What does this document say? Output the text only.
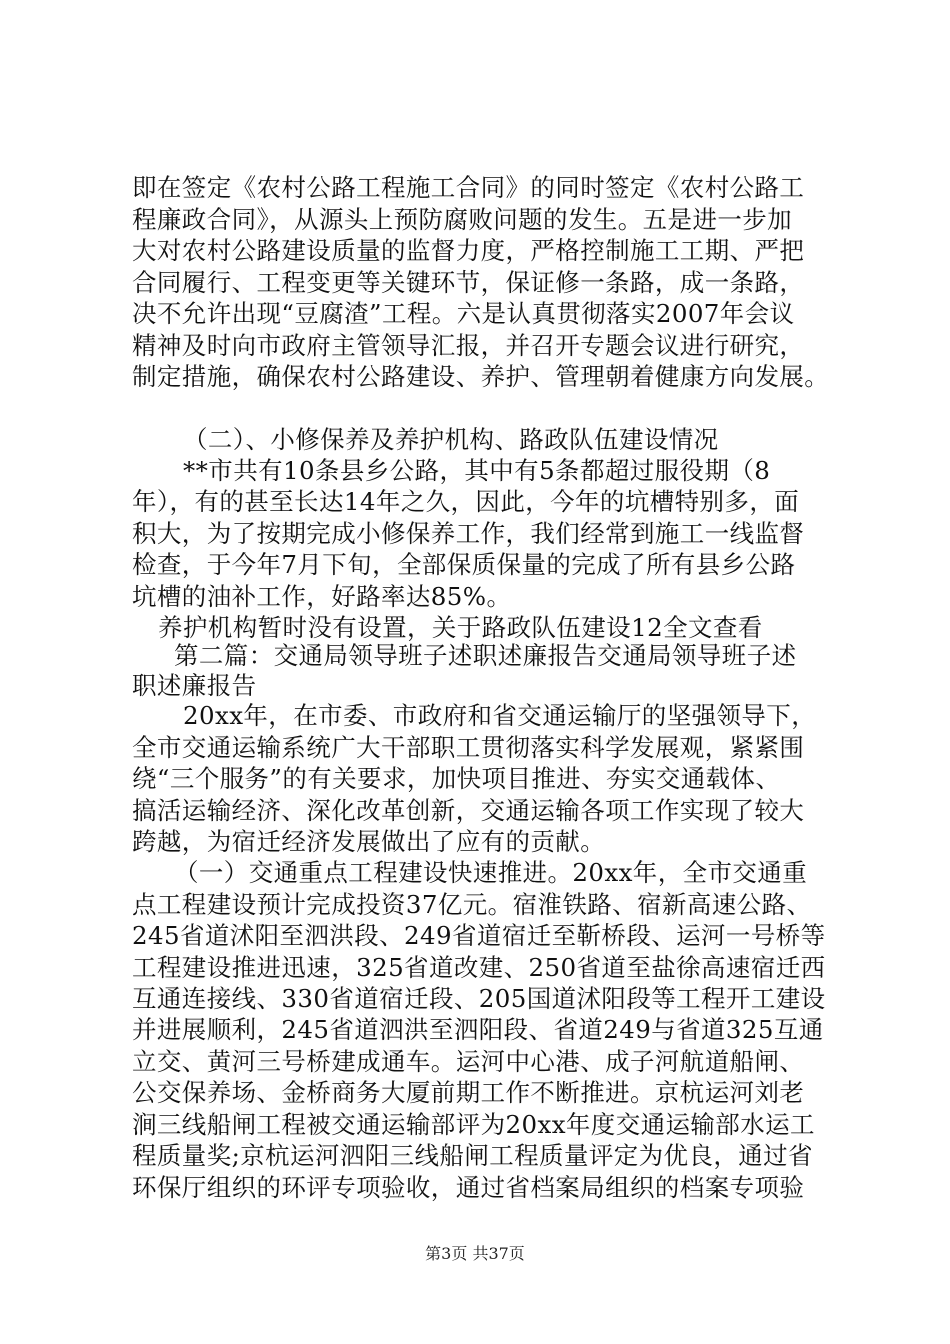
即在签定《农村公路工程施工合同》的同时签定《农村公路工
程廉政合同》，从源头上预防腐败问题的发生。五是进一步加
大对农村公路建设质量的监督力度，严格控制施工工期、严把
合同履行、工程变更等关键环节，保证修一条路，成一条路，
决不允许出现“豆腐渣”工程。六是认真贯彻落实2007年会议
精神及时向市政府主管领导汇报，并召开专题会议进行研究，
制定措施，确保农村公路建设、养护、管理朝着健康方向发展。
（二）、小修保养及养护机构、路政队伍建设情况
**市共有10条县乡公路，其中有5条都超过服役期（8
年），有的甚至长达14年之久，因此，今年的坑槽特别多，面
积大，为了按期完成小修保养工作，我们经常到施工一线监督
检查，于今年7月下旬，全部保质保量的完成了所有县乡公路
坑槽的油补工作，好路率达85%。
养护机构暂时没有设置，关于路政队伍建设12全文查看
第二篇：交通局领导班子述职述廉报告交通局领导班子述
职述廉报告
20xx年，在市委、市政府和省交通运输厅的坚强领导下，
全市交通运输系统广大干部职工贯彻落实科学发展观，紧紧围
绕“三个服务”的有关要求，加快项目推进、夯实交通载体、
搞活运输经济、深化改革创新，交通运输各项工作实现了较大
跨越，为宿迁经济发展做出了应有的贡献。
（一）交通重点工程建设快速推进。20xx年，全市交通重
点工程建设预计完成投资37亿元。宿淮铁路、宿新高速公路、
245省道沭阳至泗洪段、249省道宿迁至靳桥段、运河一号桥等
工程建设推进迅速，325省道改建、250省道至盐徐高速宿迁西
互通连接线、330省道宿迁段、205国道沭阳段等工程开工建设
并进展顺利，245省道泗洪至泗阳段、省道249与省道325互通
立交、黄河三号桥建成通车。运河中心港、成子河航道船闸、
公交保养场、金桥商务大厦前期工作不断推进。京杭运河刘老
涧三线船闸工程被交通运输部评为20xx年度交通运输部水运工
程质量奖;京杭运河泗阳三线船闸工程质量评定为优良，通过省
环保厅组织的环评专项验收，通过省档案局组织的档案专项验
第3页 共37页
